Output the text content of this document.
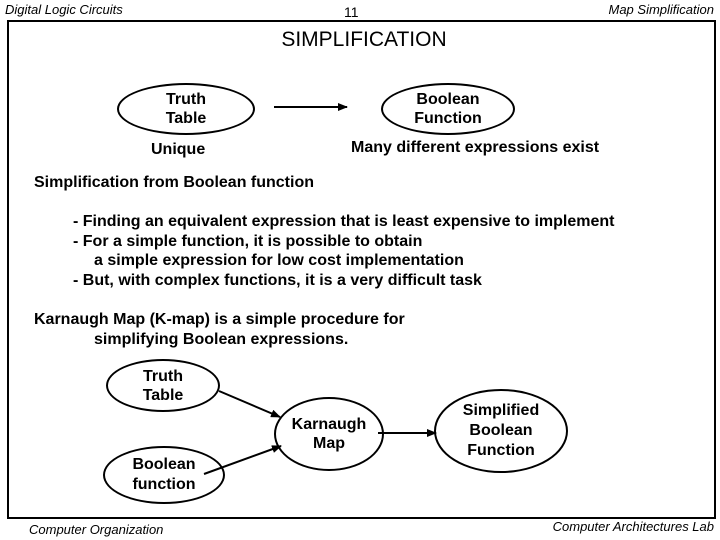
Digital Logic Circuits	11	Map Simplification
SIMPLIFICATION
Truth
Table
Boolean
Function
Unique	Many different expressions exist
Simplification from Boolean function
- Finding an equivalent expression that is least expensive to implement
- For a simple function, it is possible to obtain
a simple expression for low cost implementation
- But, with complex functions, it is a very difficult task
Karnaugh Map (K-map) is a simple procedure for
simplifying Boolean expressions.
Truth
Table
Karnaugh
Map
Simplified
Boolean
Function
Boolean
function
Computer Organization	Computer Architectures Lab
